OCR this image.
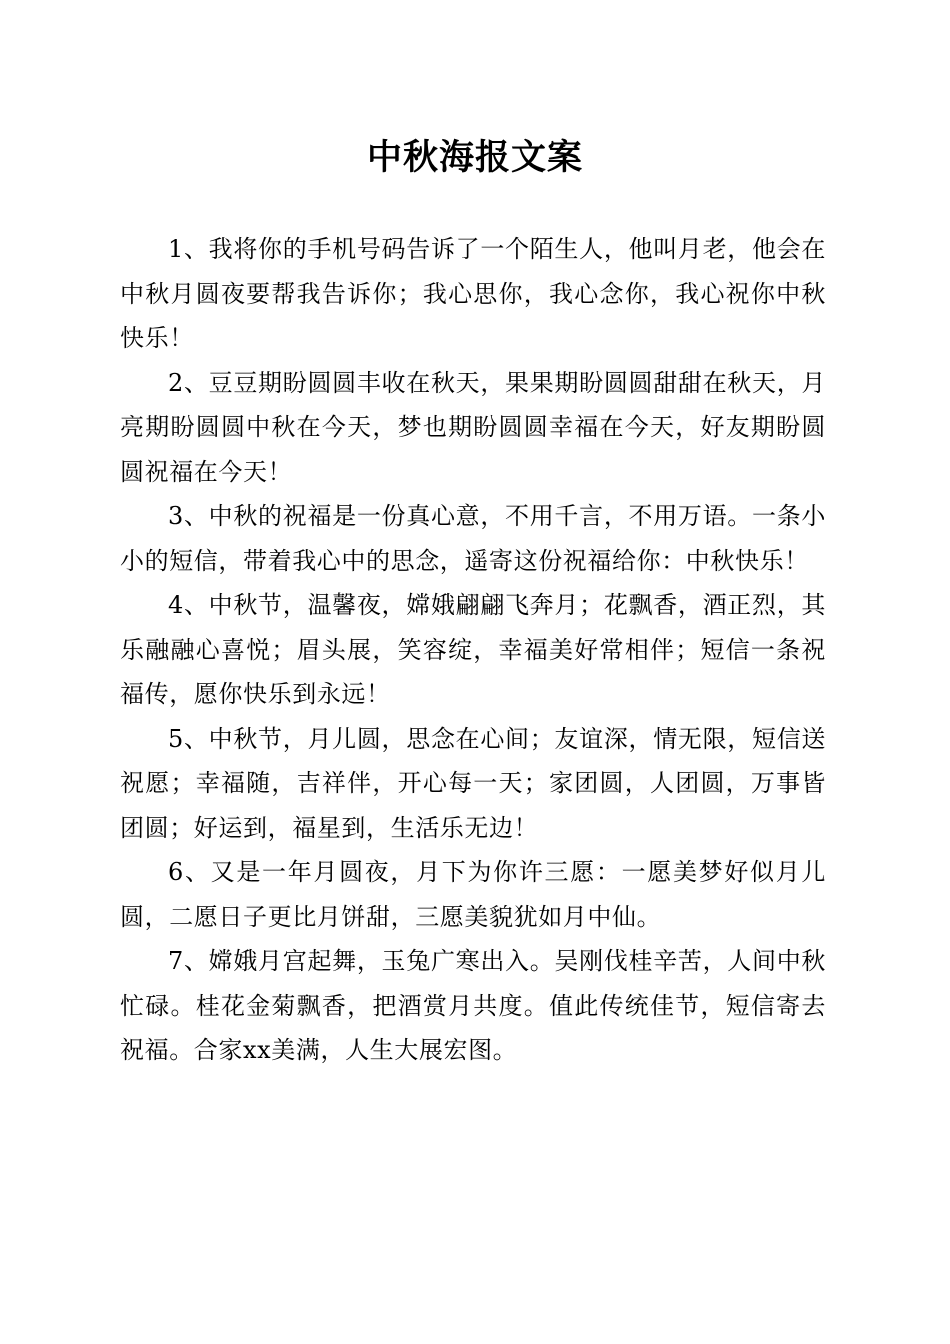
中秋海报文案

1、我将你的手机号码告诉了一个陌生人，他叫月老，他会在中秋月圆夜要帮我告诉你；我心思你，我心念你，我心祝你中秋快乐！

2、豆豆期盼圆圆丰收在秋天，果果期盼圆圆甜甜在秋天，月亮期盼圆圆中秋在今天，梦也期盼圆圆幸福在今天，好友期盼圆圆祝福在今天！

3、中秋的祝福是一份真心意，不用千言，不用万语。一条小小的短信，带着我心中的思念，遥寄这份祝福给你：中秋快乐！

4、中秋节，温馨夜，嫦娥翩翩飞奔月；花飘香，酒正烈，其乐融融心喜悦；眉头展，笑容绽，幸福美好常相伴；短信一条祝福传，愿你快乐到永远！

5、中秋节，月儿圆，思念在心间；友谊深，情无限，短信送祝愿；幸福随，吉祥伴，开心每一天；家团圆，人团圆，万事皆团圆；好运到，福星到，生活乐无边！

6、又是一年月圆夜，月下为你许三愿：一愿美梦好似月儿圆，二愿日子更比月饼甜，三愿美貌犹如月中仙。

7、嫦娥月宫起舞，玉兔广寒出入。吴刚伐桂辛苦，人间中秋忙碌。桂花金菊飘香，把酒赏月共度。值此传统佳节，短信寄去祝福。合家xx美满，人生大展宏图。
